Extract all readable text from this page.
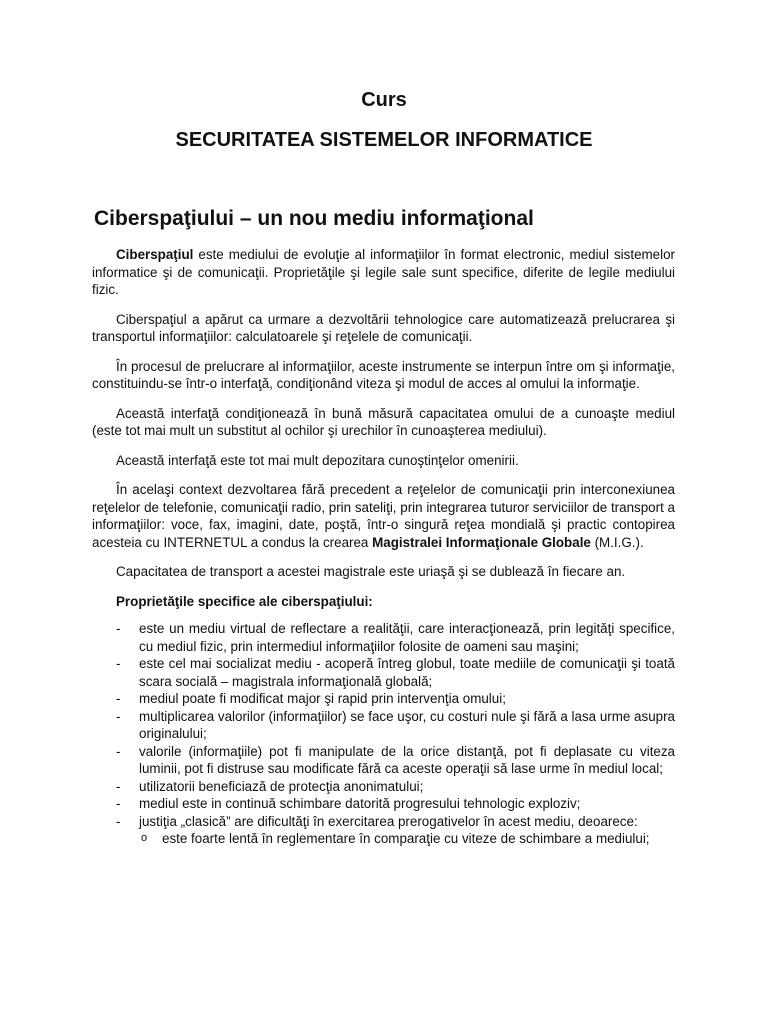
Curs
SECURITATEA SISTEMELOR INFORMATICE
Ciberspaţiului – un nou mediu informaţional

Ciberspaţiul este mediului de evoluţie al informaţiilor în format electronic, mediul sistemelor informatice şi de comunicaţii. Proprietăţile şi legile sale sunt specifice, diferite de legile mediului fizic.

Ciberspaţiul a apărut ca urmare a dezvoltării tehnologice care automatizează prelucrarea şi transportul informaţiilor: calculatoarele şi reţelele de comunicaţii.

În procesul de prelucrare al informaţiilor, aceste instrumente se interpun între om şi informaţie, constituindu-se într-o interfaţă, condiţionând viteza şi modul de acces al omului la informaţie.

Această interfaţă condiţionează în bună măsură capacitatea omului de a cunoaşte mediul (este tot mai mult un substitut al ochilor şi urechilor în cunoaşterea mediului).

Această interfaţă este tot mai mult depozitara cunoştinţelor omenirii.

În acelaşi context dezvoltarea fără precedent a reţelelor de comunicaţii prin interconexiunea reţelelor de telefonie, comunicaţii radio, prin sateliţi, prin integrarea tuturor serviciilor de transport a informaţiilor: voce, fax, imagini, date, poştă, într-o singură reţea mondială şi practic contopirea acesteia cu INTERNETUL a condus la crearea Magistralei Informaţionale Globale (M.I.G.).

Capacitatea de transport a acestei magistrale este uriaşă şi se dublează în fiecare an.

Proprietăţile specifice ale ciberspaţiului:
- este un mediu virtual de reflectare a realităţii, care interacţionează, prin legităţi specifice, cu mediul fizic, prin intermediul informaţiilor folosite de oameni sau maşini;
- este cel mai socializat mediu - acoperă întreg globul, toate mediile de comunicaţii şi toată scara socială – magistrala informaţională globală;
- mediul poate fi modificat major şi rapid prin intervenţia omului;
- multiplicarea valorilor (informaţiilor) se face uşor, cu costuri nule şi fără a lasa urme asupra originalului;
- valorile (informaţiile) pot fi manipulate de la orice distanţă, pot fi deplasate cu viteza luminii, pot fi distruse sau modificate fără ca aceste operaţii să lase urme în mediul local;
- utilizatorii beneficiază de protecţia anonimatului;
- mediul este in continuă schimbare datorită progresului tehnologic exploziv;
- justiţia „clasică” are dificultăţi în exercitarea prerogativelor în acest mediu, deoarece:
o este foarte lentă în reglementare în comparaţie cu viteze de schimbare a mediului;
